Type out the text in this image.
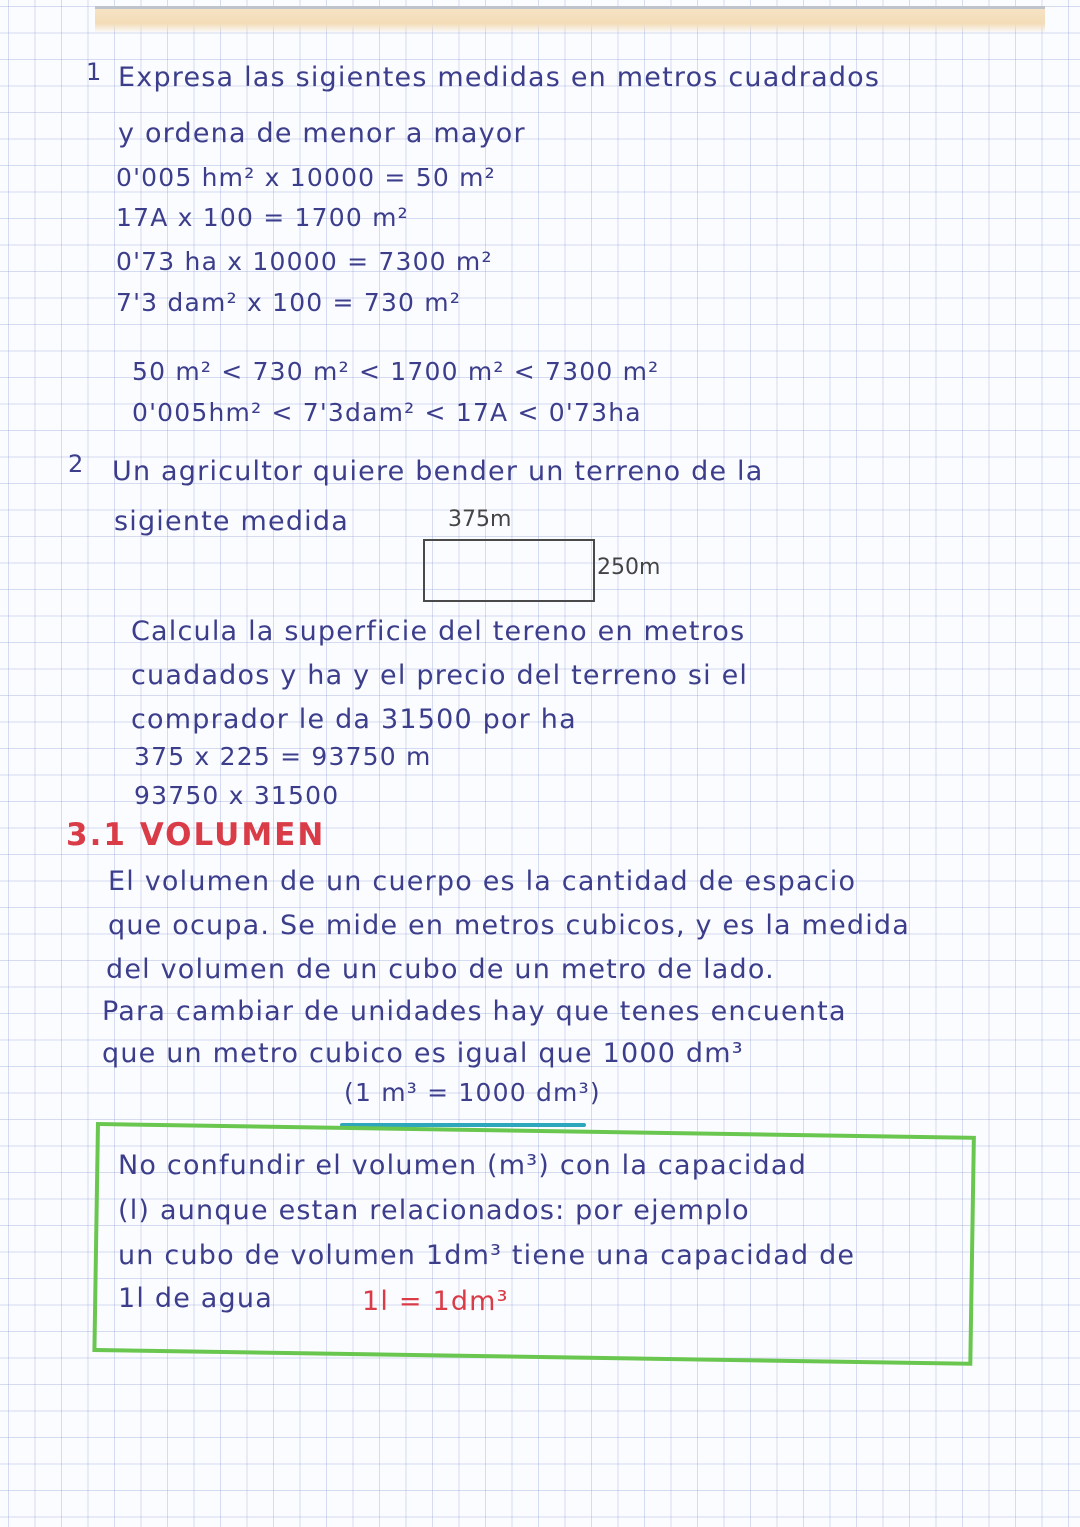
1 Expresa las sigientes medidas en metros cuadrados
y ordena de menor a mayor
0'005 hm² x 10000 = 50 m²
17A x 100 = 1700 m²
0'73 ha x 10000 = 7300 m²
7'3 dam² x 100 = 730 m²
50 m² < 730 m² < 1700 m² < 7300 m²
0'005hm² < 7'3dam² < 17A < 0'73ha
2 Un agricultor quiere bender un terreno de la
sigiente medida	375m
250m
Calcula la superficie del tereno en metros
cuadados y ha y el precio del terreno si el
comprador le da 31500 por ha
375 x 225 = 93750 m
93750 x 31500
3.1 VOLUMEN
El volumen de un cuerpo es la cantidad de espacio
que ocupa. Se mide en metros cubicos, y es la medida
del volumen de un cubo de un metro de lado.
Para cambiar de unidades hay que tenes encuenta
que un metro cubico es igual que 1000 dm³
(1 m³ = 1000 dm³)
No confundir el volumen (m³) con la capacidad
(l) aunque estan relacionados: por ejemplo
un cubo de volumen 1dm³ tiene una capacidad de
1l de agua	1l = 1dm³
